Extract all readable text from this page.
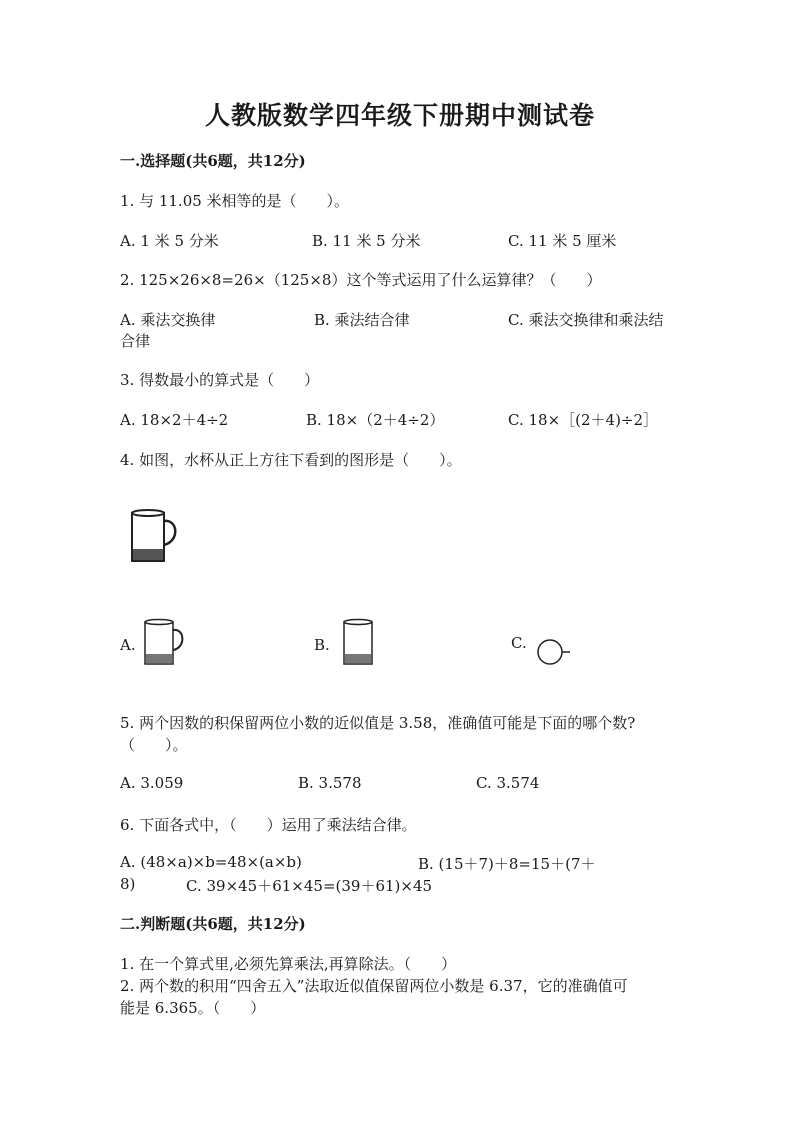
人教版数学四年级下册期中测试卷
一.选择题(共6题，共12分)
1. 与 11.05 米相等的是（　　）。
A. 1 米 5 分米	B. 11 米 5 分米	C. 11 米 5 厘米
2. 125×26×8=26×（125×8）这个等式运用了什么运算律？（　　）
A. 乘法交换律	B. 乘法结合律	C. 乘法交换律和乘法结
合律
3. 得数最小的算式是（　　）
A. 18×2＋4÷2	B. 18×（2＋4÷2）	C. 18×［(2＋4)÷2］
4. 如图，水杯从正上方往下看到的图形是（　　）。
A.	B.	C.
5. 两个因数的积保留两位小数的近似值是 3.58，准确值可能是下面的哪个数?
（　　）。
A. 3.059	B. 3.578	C. 3.574
6. 下面各式中，（　　）运用了乘法结合律。
A. (48×a)×b=48×(a×b)	B. (15＋7)＋8=15＋(7＋
8)	C. 39×45＋61×45=(39＋61)×45
二.判断题(共6题，共12分)
1. 在一个算式里,必须先算乘法,再算除法。（　　）
2. 两个数的积用“四舍五入”法取近似值保留两位小数是 6.37，它的准确值可
能是 6.365。（　　）
